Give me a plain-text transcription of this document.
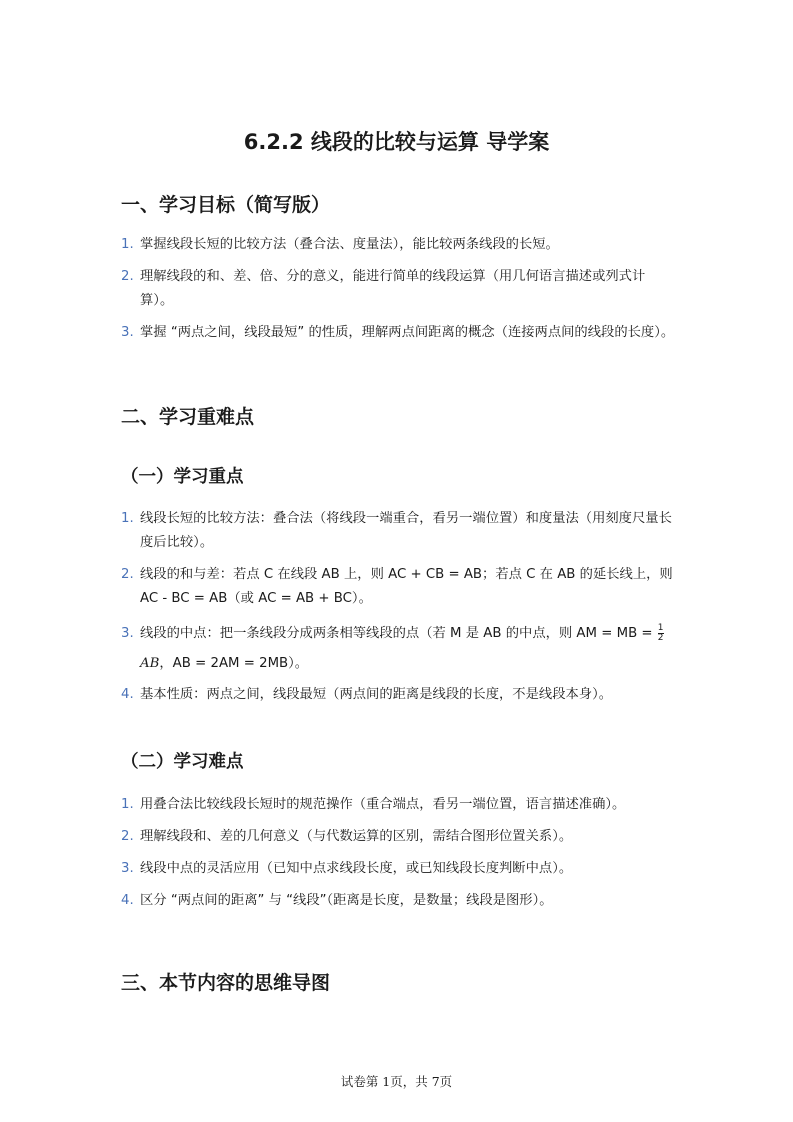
6.2.2 线段的比较与运算 导学案
一、学习目标（简写版）
1. 掌握线段长短的比较方法（叠合法、度量法），能比较两条线段的长短。
2. 理解线段的和、差、倍、分的意义，能进行简单的线段运算（用几何语言描述或列式计算）。
3. 掌握 “两点之间，线段最短” 的性质，理解两点间距离的概念（连接两点间的线段的长度）。
二、学习重难点
（一）学习重点
1. 线段长短的比较方法：叠合法（将线段一端重合，看另一端位置）和度量法（用刻度尺量长度后比较）。
2. 线段的和与差：若点 C 在线段 AB 上，则 AC + CB = AB；若点 C 在 AB 的延长线上，则 AC - BC = AB（或 AC = AB + BC）。
3. 线段的中点：把一条线段分成两条相等线段的点（若 M 是 AB 的中点，则 AM = MB = $\frac{1}{2}$
AB，AB = 2AM = 2MB）。
4. 基本性质：两点之间，线段最短（两点间的距离是线段的长度，不是线段本身）。
（二）学习难点
1. 用叠合法比较线段长短时的规范操作（重合端点，看另一端位置，语言描述准确）。
2. 理解线段和、差的几何意义（与代数运算的区别，需结合图形位置关系）。
3. 线段中点的灵活应用（已知中点求线段长度，或已知线段长度判断中点）。
4. 区分 “两点间的距离” 与 “线段”（距离是长度，是数量；线段是图形）。
三、本节内容的思维导图
试卷第 1页，共 7页
